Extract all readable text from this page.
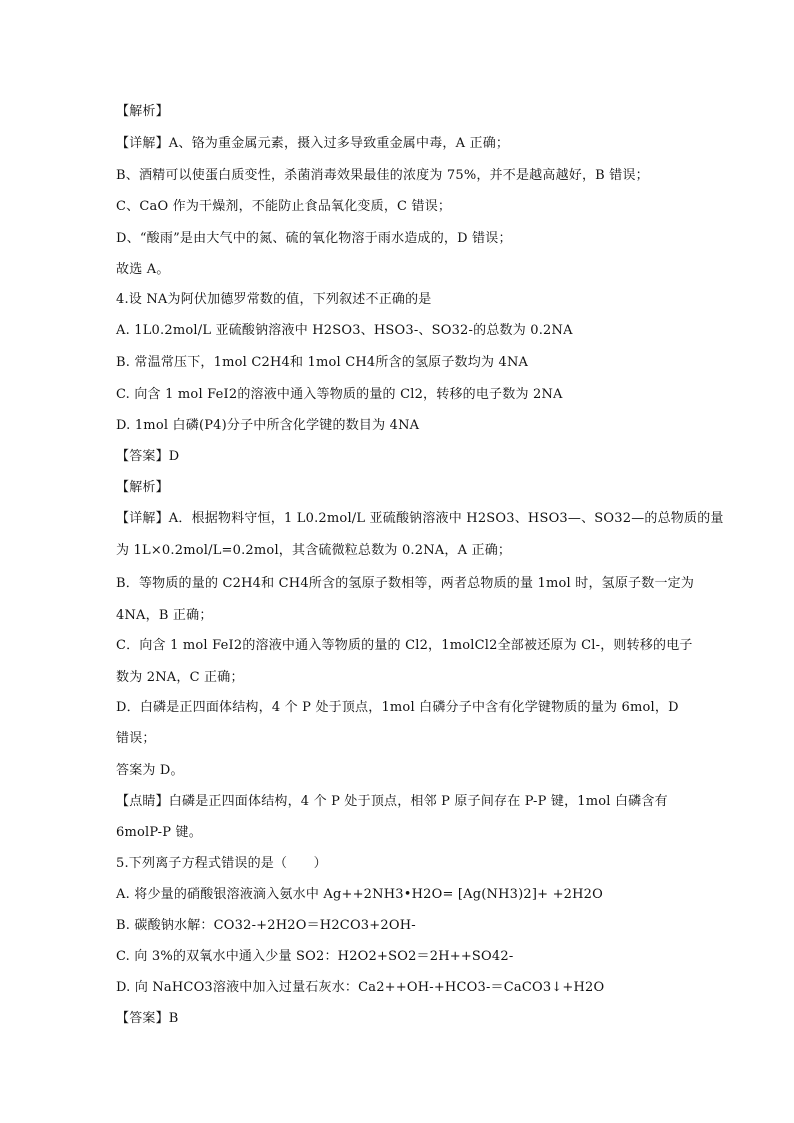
【解析】
【详解】A、铬为重金属元素，摄入过多导致重金属中毒，A 正确；
B、酒精可以使蛋白质变性，杀菌消毒效果最佳的浓度为 75%，并不是越高越好，B 错误；
C、CaO 作为干燥剂，不能防止食品氧化变质，C 错误；
D、“酸雨”是由大气中的氮、硫的氧化物溶于雨水造成的，D 错误；
故选 A。
4.设 NA为阿伏加德罗常数的值，下列叙述不正确的是
A. 1L0.2mol/L 亚硫酸钠溶液中 H2SO3、HSO3-、SO32-的总数为 0.2NA
B. 常温常压下，1mol C2H4和 1mol CH4所含的氢原子数均为 4NA
C. 向含 1 mol FeI2的溶液中通入等物质的量的 Cl2，转移的电子数为 2NA
D. 1mol 白磷(P4)分子中所含化学键的数目为 4NA
【答案】D
【解析】
【详解】A．根据物料守恒，1 L0.2mol/L 亚硫酸钠溶液中 H2SO3、HSO3—、SO32—的总物质的量
为 1L×0.2mol/L=0.2mol，其含硫微粒总数为 0.2NA，A 正确；
B．等物质的量的 C2H4和 CH4所含的氢原子数相等，两者总物质的量 1mol 时，氢原子数一定为
4NA，B 正确；
C．向含 1 mol FeI2的溶液中通入等物质的量的 Cl2，1molCl2全部被还原为 Cl-，则转移的电子
数为 2NA，C 正确；
D．白磷是正四面体结构，4 个 P 处于顶点，1mol 白磷分子中含有化学键物质的量为 6mol，D
错误；
答案为 D。
【点睛】白磷是正四面体结构，4 个 P 处于顶点，相邻 P 原子间存在 P-P 键，1mol 白磷含有
6molP-P 键。
5.下列离子方程式错误的是（　　）
A. 将少量的硝酸银溶液滴入氨水中 Ag++2NH3•H2O= [Ag(NH3)2]+ +2H2O
B. 碳酸钠水解：CO32-+2H2O＝H2CO3+2OH-
C. 向 3%的双氧水中通入少量 SO2：H2O2+SO2＝2H++SO42-
D. 向 NaHCO3溶液中加入过量石灰水：Ca2++OH-+HCO3-＝CaCO3↓+H2O
【答案】B
